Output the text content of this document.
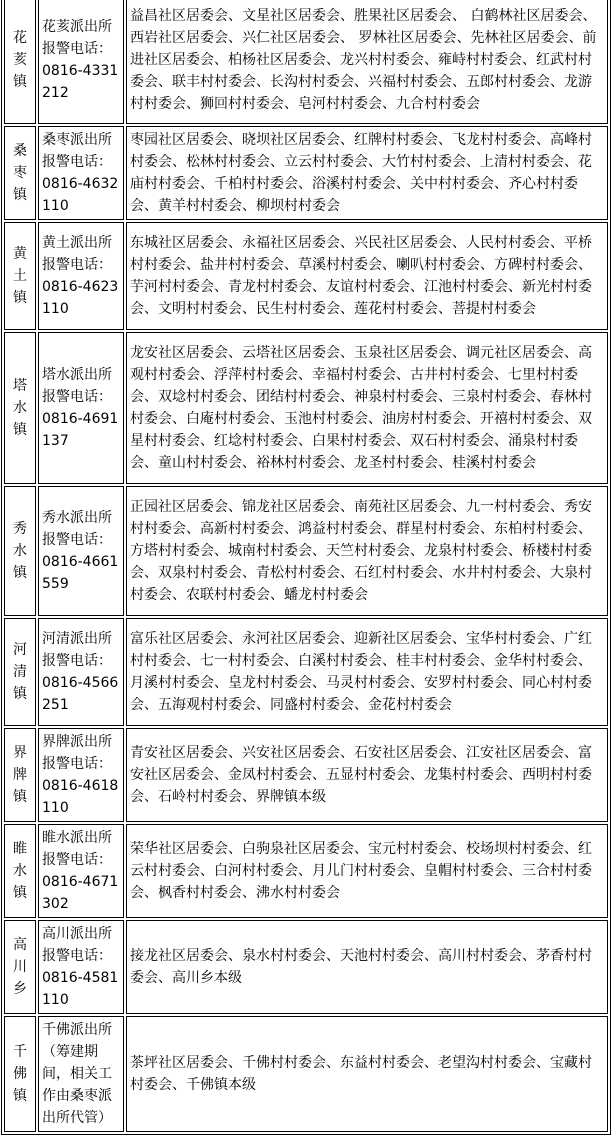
花荄镇	花荄派出所 报警电话：0816-4331212	益昌社区居委会、文星社区居委会、胜果社区居委会、 白鹤林社区居委会、 西岩社区居委会、兴仁社区居委会、 罗林社区居委会、先林社区居委会、前进社区居委会、柏杨社区居委会、龙兴村村委会、雍峙村村委会、红武村村委会、联丰村村委会、长沟村村委会、兴福村村委会、五郎村村委会、龙游村村委会、狮回村村委会、皂河村村委会、九合村村委会
桑枣镇	桑枣派出所报警电话：0816-4632110	枣园社区居委会、晓坝社区居委会、红牌村村委会、飞龙村村委会、高峰村村委会、松林村村委会、立云村村委会、大竹村村委会、上清村村委会、花庙村村委会、千柏村村委会、浴溪村村委会、关中村村委会、齐心村村委会、黄羊村村委会、柳坝村村委会
黄土镇	黄土派出所 报警电话：0816-4623110	东城社区居委会、永福社区居委会、兴民社区居委会、人民村村委会、平桥村村委会、盐井村村委会、草溪村村委会、喇叭村村委会、方碑村村委会、芋河村村委会、青龙村村委会、友谊村村委会、江池村村委会、新光村村委会、文明村村委会、民生村村委会、莲花村村委会、菩提村村委会
塔水镇	塔水派出所 报警电话：0816-4691137	龙安社区居委会、云塔社区居委会、玉泉社区居委会、调元社区居委会、高观村村委会、浮萍村村委会、幸福村村委会、古井村村委会、七里村村委会、双埝村村委会、团结村村委会、神泉村村委会、三泉村村委会、春林村村委会、白庵村村委会、玉池村村委会、油房村村委会、开禧村村委会、双星村村委会、红埝村村委会、白果村村委会、双石村村委会、涌泉村村委会、童山村村委会、裕林村村委会、龙圣村村委会、桂溪村村委会
秀水镇	秀水派出所报警电话：0816-4661559	正园社区居委会、锦龙社区居委会、南苑社区居委会、九一村村委会、秀安村村委会、高新村村委会、鸿益村村委会、群星村村委会、东柏村村委会、方塔村村委会、城南村村委会、天竺村村委会、龙泉村村委会、桥楼村村委会、双泉村村委会、青松村村委会、石红村村委会、水井村村委会、大泉村村委会、农联村村委会、蟠龙村村委会
河清镇	河清派出所报警电话：0816-4566251	富乐社区居委会、永河社区居委会、迎新社区居委会、宝华村村委会、广红村村委会、七一村村委会、白溪村村委会、桂丰村村委会、金华村村委会、月溪村村委会、皇龙村村委会、马灵村村委会、安罗村村委会、同心村村委会、五海观村村委会、同盛村村委会、金花村村委会
界牌镇	界牌派出所报警电话：0816-4618110	青安社区居委会、兴安社区居委会、石安社区居委会、江安社区居委会、富安社区居委会、金凤村村委会、五显村村委会、龙集村村委会、西明村村委会、石岭村村委会、界牌镇本级
睢水镇	睢水派出所 报警电话：0816-4671302	荣华社区居委会、白驹泉社区居委会、宝元村村委会、校场坝村村委会、红云村村委会、白河村村委会、月儿门村村委会、皇帽村村委会、三合村村委会、枫香村村委会、沸水村村委会
高川乡	高川派出所 报警电话：0816-4581110	接龙社区居委会、泉水村村委会、天池村村委会、高川村村委会、茅香村村委会、高川乡本级
千佛镇	千佛派出所（筹建期间，相关工作由桑枣派出所代管）	茶坪社区居委会、千佛村村委会、东益村村委会、老望沟村村委会、宝藏村村委会、千佛镇本级
